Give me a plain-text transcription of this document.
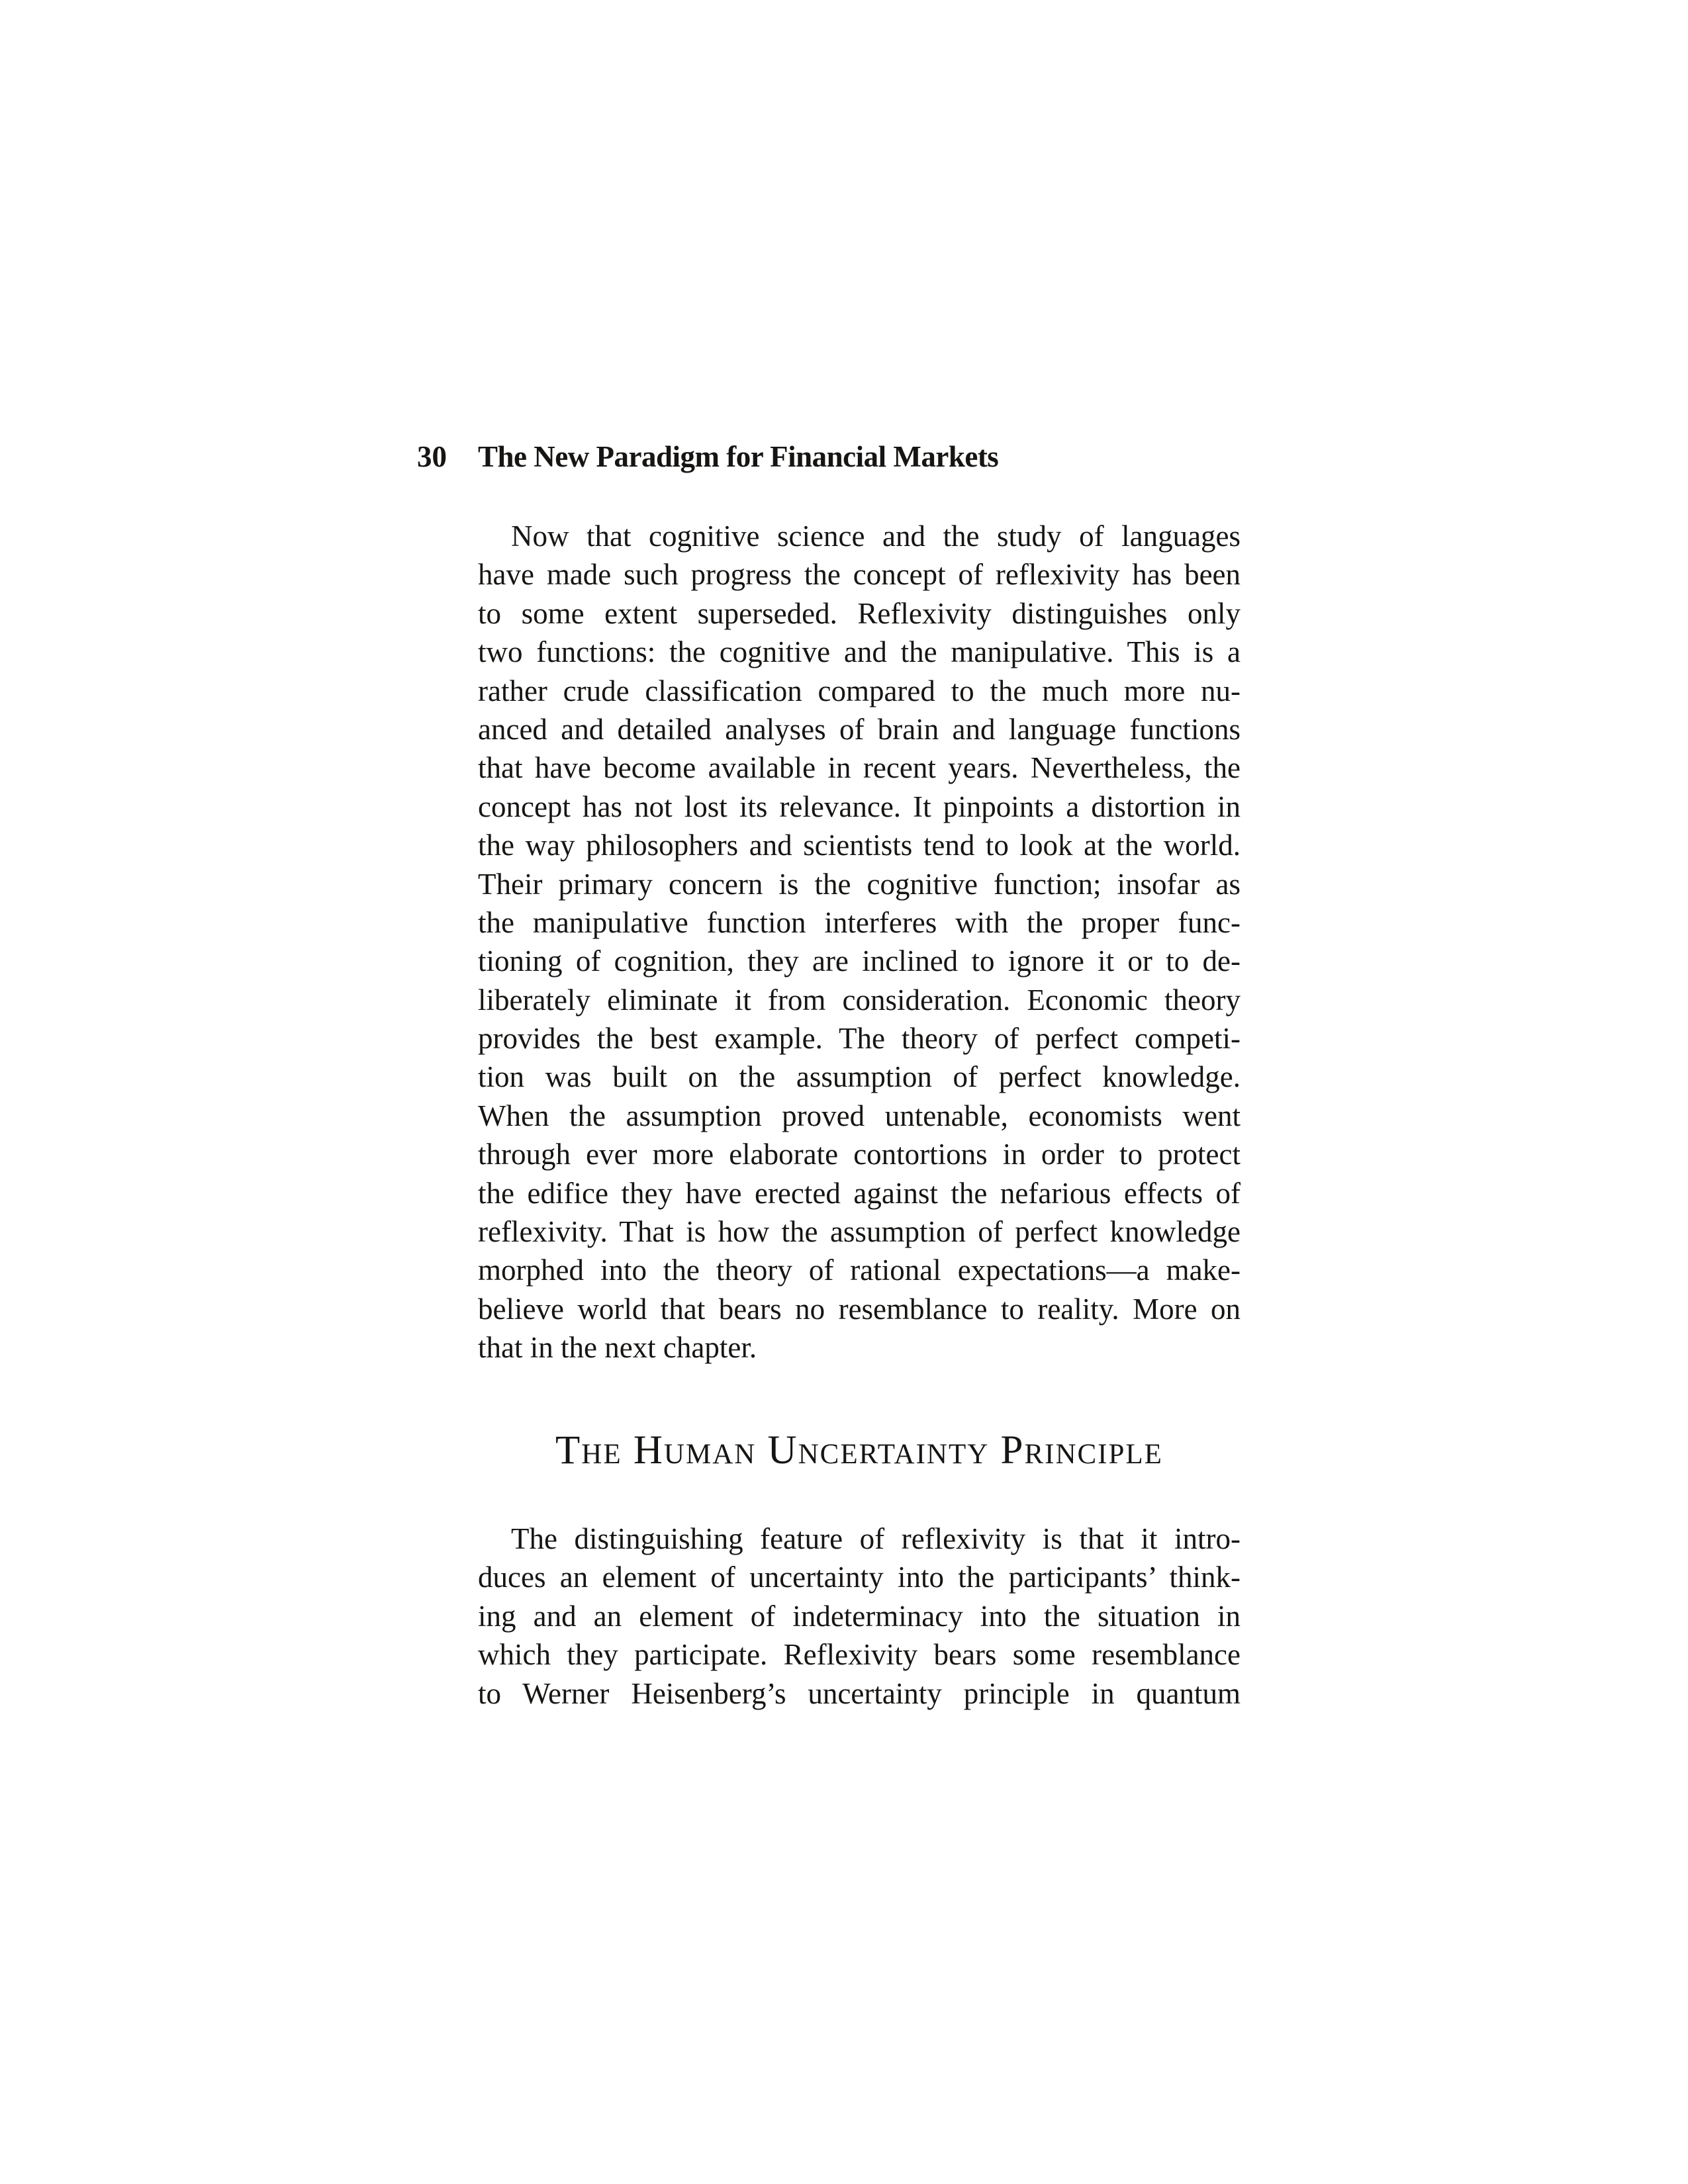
30 The New Paradigm for Financial Markets
Now that cognitive science and the study of languages
have made such progress the concept of reflexivity has been
to some extent superseded. Reflexivity distinguishes only
two functions: the cognitive and the manipulative. This is a
rather crude classification compared to the much more nu-
anced and detailed analyses of brain and language functions
that have become available in recent years. Nevertheless, the
concept has not lost its relevance. It pinpoints a distortion in
the way philosophers and scientists tend to look at the world.
Their primary concern is the cognitive function; insofar as
the manipulative function interferes with the proper func-
tioning of cognition, they are inclined to ignore it or to de-
liberately eliminate it from consideration. Economic theory
provides the best example. The theory of perfect competi-
tion was built on the assumption of perfect knowledge.
When the assumption proved untenable, economists went
through ever more elaborate contortions in order to protect
the edifice they have erected against the nefarious effects of
reflexivity. That is how the assumption of perfect knowledge
morphed into the theory of rational expectations—a make-
believe world that bears no resemblance to reality. More on
that in the next chapter.
The Human Uncertainty Principle
The distinguishing feature of reflexivity is that it intro-
duces an element of uncertainty into the participants’ think-
ing and an element of indeterminacy into the situation in
which they participate. Reflexivity bears some resemblance
to Werner Heisenberg’s uncertainty principle in quantum
